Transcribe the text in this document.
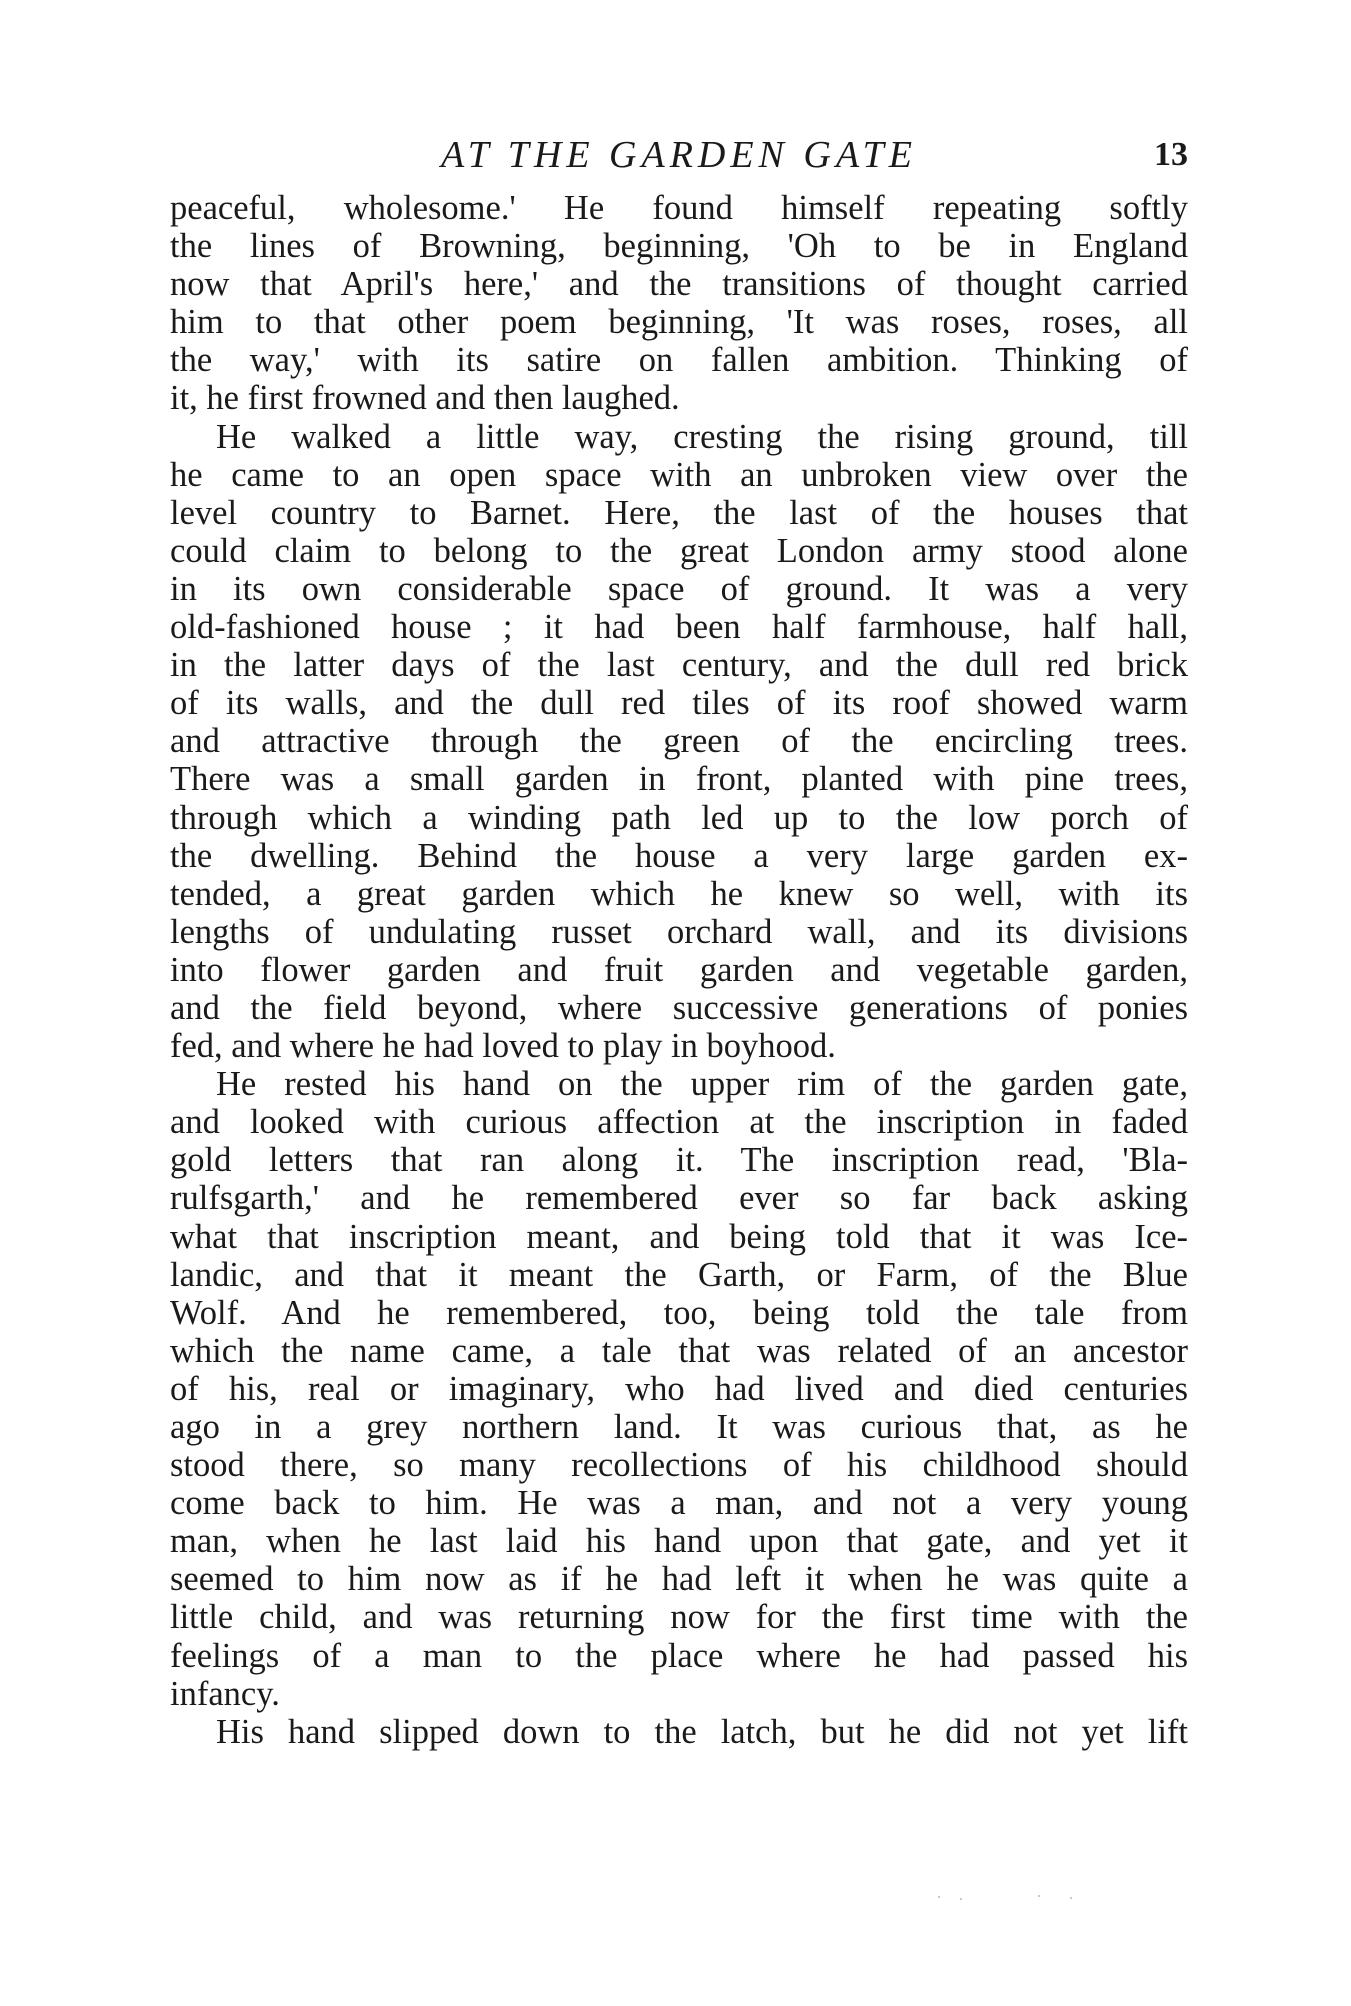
AT THE GARDEN GATE	13
peaceful, wholesome.' He found himself repeating softly
the lines of Browning, beginning, 'Oh to be in England
now that April's here,' and the transitions of thought carried
him to that other poem beginning, 'It was roses, roses, all
the way,' with its satire on fallen ambition. Thinking of
it, he first frowned and then laughed.
He walked a little way, cresting the rising ground, till
he came to an open space with an unbroken view over the
level country to Barnet. Here, the last of the houses that
could claim to belong to the great London army stood alone
in its own considerable space of ground. It was a very
old-fashioned house ; it had been half farmhouse, half hall,
in the latter days of the last century, and the dull red brick
of its walls, and the dull red tiles of its roof showed warm
and attractive through the green of the encircling trees.
There was a small garden in front, planted with pine trees,
through which a winding path led up to the low porch of
the dwelling. Behind the house a very large garden ex-
tended, a great garden which he knew so well, with its
lengths of undulating russet orchard wall, and its divisions
into flower garden and fruit garden and vegetable garden,
and the field beyond, where successive generations of ponies
fed, and where he had loved to play in boyhood.
He rested his hand on the upper rim of the garden gate,
and looked with curious affection at the inscription in faded
gold letters that ran along it. The inscription read, 'Bla-
rulfsgarth,' and he remembered ever so far back asking
what that inscription meant, and being told that it was Ice-
landic, and that it meant the Garth, or Farm, of the Blue
Wolf. And he remembered, too, being told the tale from
which the name came, a tale that was related of an ancestor
of his, real or imaginary, who had lived and died centuries
ago in a grey northern land. It was curious that, as he
stood there, so many recollections of his childhood should
come back to him. He was a man, and not a very young
man, when he last laid his hand upon that gate, and yet it
seemed to him now as if he had left it when he was quite a
little child, and was returning now for the first time with the
feelings of a man to the place where he had passed his
infancy.
His hand slipped down to the latch, but he did not yet lift
